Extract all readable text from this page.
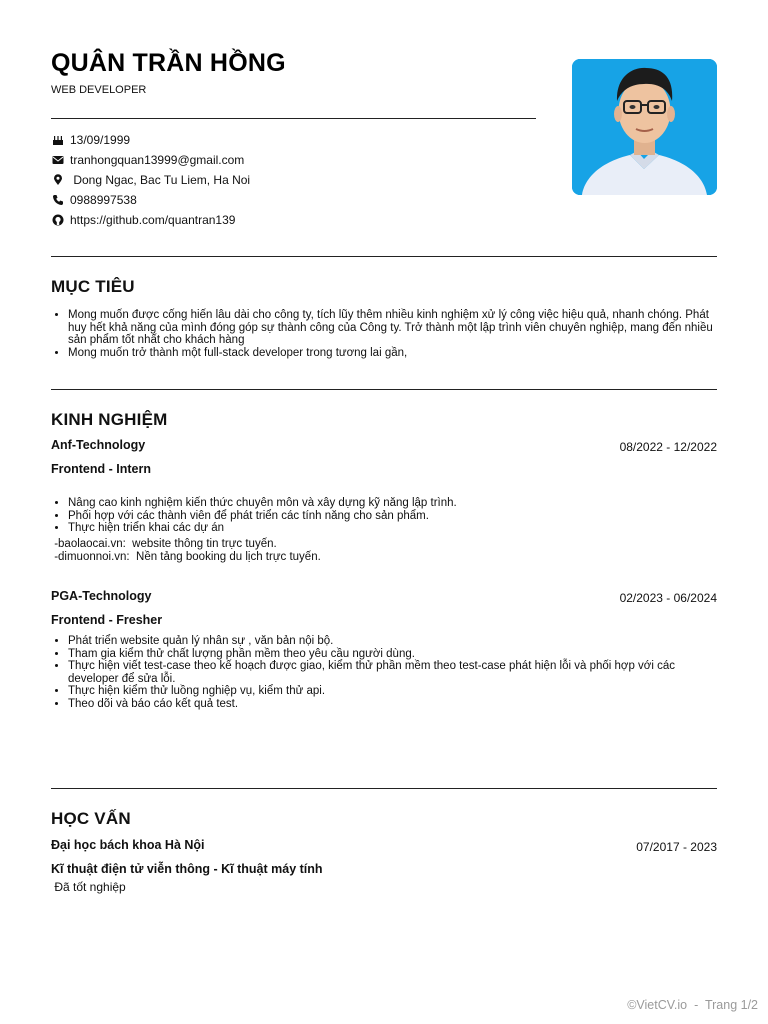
QUÂN TRẦN HỒNG
WEB DEVELOPER
13/09/1999
tranhongquan13999@gmail.com
Dong Ngac, Bac Tu Liem, Ha Noi
0988997538
https://github.com/quantran139
MỤC TIÊU
• Mong muốn được cống hiến lâu dài cho công ty, tích lũy thêm nhiều kinh nghiệm xử lý công việc hiệu quả, nhanh chóng. Phát huy hết khả năng của mình đóng góp sự thành công của Công ty. Trở thành một lập trình viên chuyên nghiệp, mang đến nhiều sản phẩm tốt nhất cho khách hàng
• Mong muốn trở thành một full-stack developer trong tương lai gần,
KINH NGHIỆM
Anf-Technology	08/2022 - 12/2022
Frontend - Intern
• Nâng cao kinh nghiệm kiến thức chuyên môn và xây dựng kỹ năng lập trình.
• Phối hợp với các thành viên để phát triển các tính năng cho sản phẩm.
• Thực hiện triển khai các dự án
-baolaocai.vn:  website thông tin trực tuyến.
-dimuonnoi.vn:  Nền tảng booking du lịch trực tuyến.
PGA-Technology	02/2023 - 06/2024
Frontend - Fresher
• Phát triển website quản lý nhân sự , văn bản nội bộ.
• Tham gia kiểm thử chất lượng phần mềm theo yêu cầu người dùng.
• Thực hiện viết test-case theo kế hoạch được giao, kiểm thử phần mềm theo test-case phát hiện lỗi và phối hợp với các developer để sửa lỗi.
• Thực hiện kiểm thử luồng nghiệp vụ, kiểm thử api.
• Theo dõi và báo cáo kết quả test.
HỌC VẤN
Đại học bách khoa Hà Nội	07/2017 - 2023
Kĩ thuật điện tử viễn thông - Kĩ thuật máy tính
Đã tốt nghiệp
©VietCV.io  -  Trang 1/2
